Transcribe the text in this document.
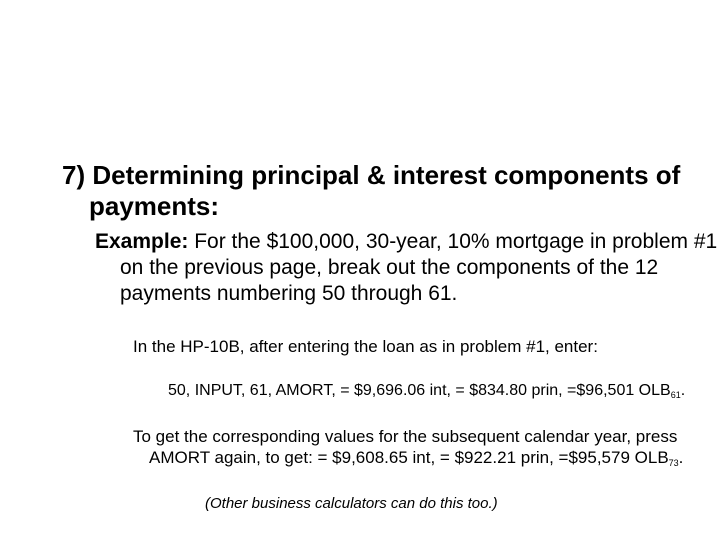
7) Determining principal & interest components of payments:
Example: For the $100,000, 30-year, 10% mortgage in problem #1 on the previous page, break out the components of the 12 payments numbering 50 through 61.
In the HP-10B, after entering the loan as in problem #1, enter:
50, INPUT, 61, AMORT, = $9,696.06 int, = $834.80 prin, =$96,501 $OLB_{61}$.
To get the corresponding values for the subsequent calendar year, press AMORT again, to get: = $9,608.65 int, = $922.21 prin, =$95,579 $OLB_{73}$.
(Other business calculators can do this too.)
